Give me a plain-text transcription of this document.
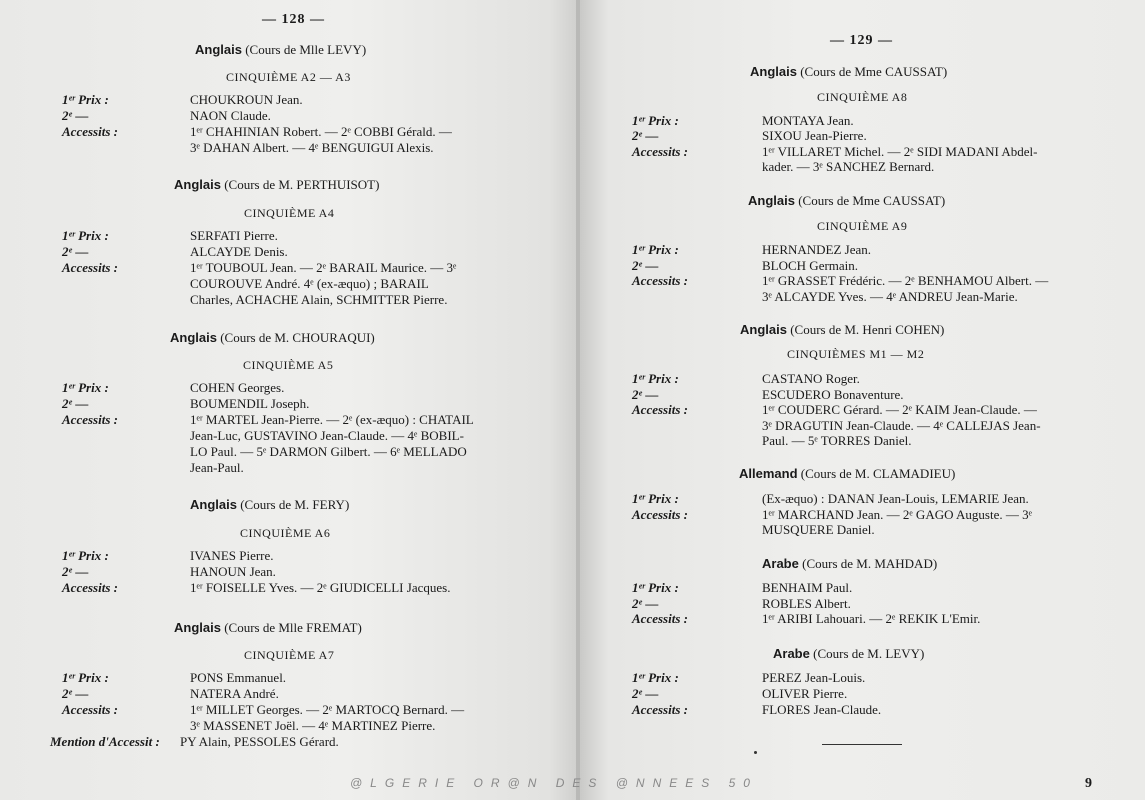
— 128 —
Anglais (Cours de Mlle LEVY)
CINQUIÈME A2 — A3
1ᵉʳ Prix :	CHOUKROUN Jean.
2ᵉ —	NAON Claude.
Accessits :	1ᵉʳ CHAHINIAN Robert. — 2ᵉ COBBI Gérald. —
3ᵉ DAHAN Albert. — 4ᵉ BENGUIGUI Alexis.
Anglais (Cours de M. PERTHUISOT)
CINQUIÈME A4
1ᵉʳ Prix :	SERFATI Pierre.
2ᵉ —	ALCAYDE Denis.
Accessits :	1ᵉʳ TOUBOUL Jean. — 2ᵉ BARAIL Maurice. — 3ᵉ
COUROUVE André. 4ᵉ (ex-æquo) ; BARAIL
Charles, ACHACHE Alain, SCHMITTER Pierre.
Anglais (Cours de M. CHOURAQUI)
CINQUIÈME A5
1ᵉʳ Prix :	COHEN Georges.
2ᵉ —	BOUMENDIL Joseph.
Accessits :	1ᵉʳ MARTEL Jean-Pierre. — 2ᵉ (ex-æquo) : CHATAIL
Jean-Luc, GUSTAVINO Jean-Claude. — 4ᵉ BOBIL-
LO Paul. — 5ᵉ DARMON Gilbert. — 6ᵉ MELLADO
Jean-Paul.
Anglais (Cours de M. FERY)
CINQUIÈME A6
1ᵉʳ Prix :	IVANES Pierre.
2ᵉ —	HANOUN Jean.
Accessits :	1ᵉʳ FOISELLE Yves. — 2ᵉ GIUDICELLI Jacques.
Anglais (Cours de Mlle FREMAT)
CINQUIÈME A7
1ᵉʳ Prix :	PONS Emmanuel.
2ᵉ —	NATERA André.
Accessits :	1ᵉʳ MILLET Georges. — 2ᵉ MARTOCQ Bernard. —
3ᵉ MASSENET Joël. — 4ᵉ MARTINEZ Pierre.
Mention d'Accessit : PY Alain, PESSOLES Gérard.
— 129 —
Anglais (Cours de Mme CAUSSAT)
CINQUIÈME A8
1ᵉʳ Prix :	MONTAYA Jean.
2ᵉ —	SIXOU Jean-Pierre.
Accessits :	1ᵉʳ VILLARET Michel. — 2ᵉ SIDI MADANI Abdel-
kader. — 3ᵉ SANCHEZ Bernard.
Anglais (Cours de Mme CAUSSAT)
CINQUIÈME A9
1ᵉʳ Prix :	HERNANDEZ Jean.
2ᵉ —	BLOCH Germain.
Accessits :	1ᵉʳ GRASSET Frédéric. — 2ᵉ BENHAMOU Albert. —
3ᵉ ALCAYDE Yves. — 4ᵉ ANDREU Jean-Marie.
Anglais (Cours de M. Henri COHEN)
CINQUIÈMES M1 — M2
1ᵉʳ Prix :	CASTANO Roger.
2ᵉ —	ESCUDERO Bonaventure.
Accessits :	1ᵉʳ COUDERC Gérard. — 2ᵉ KAIM Jean-Claude. —
3ᵉ DRAGUTIN Jean-Claude. — 4ᵉ CALLEJAS Jean-
Paul. — 5ᵉ TORRES Daniel.
Allemand (Cours de M. CLAMADIEU)
1ᵉʳ Prix :	(Ex-æquo) : DANAN Jean-Louis, LEMARIE Jean.
Accessits :	1ᵉʳ MARCHAND Jean. — 2ᵉ GAGO Auguste. — 3ᵉ
MUSQUERE Daniel.
Arabe (Cours de M. MAHDAD)
1ᵉʳ Prix :	BENHAIM Paul.
2ᵉ —	ROBLES Albert.
Accessits :	1ᵉʳ ARIBI Lahouari. — 2ᵉ REKIK L'Emir.
Arabe (Cours de M. LEVY)
1ᵉʳ Prix :	PEREZ Jean-Louis.
2ᵉ —	OLIVER Pierre.
Accessits :	FLORES Jean-Claude.
@LGERIE OR@N DES @NNEES 50	9
